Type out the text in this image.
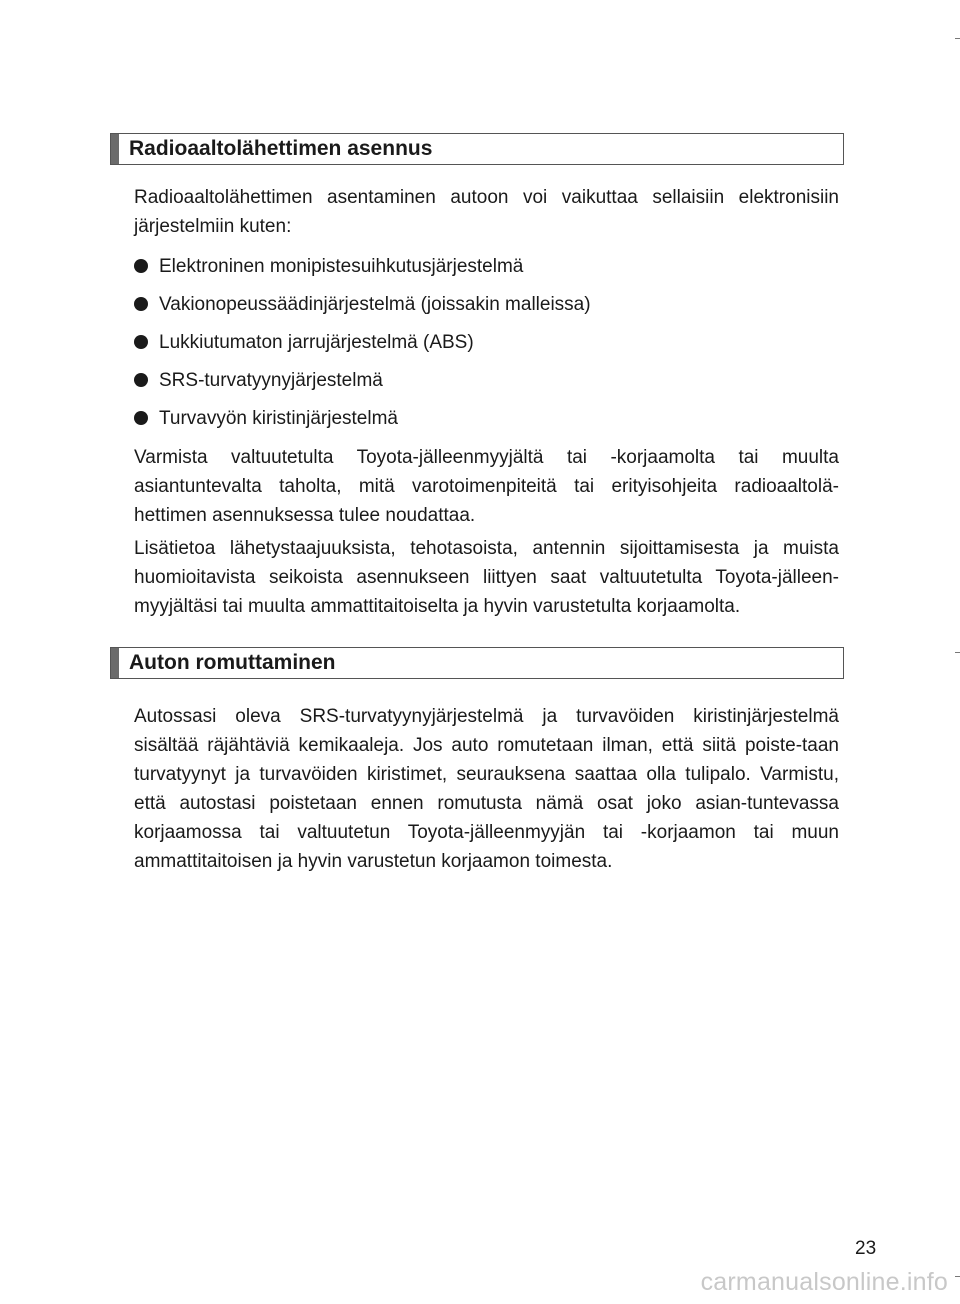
Radioaaltolähettimen asennus

Radioaaltolähettimen asentaminen autoon voi vaikuttaa sellaisiin elektronisiin järjestelmiin kuten:

Elektroninen monipistesuihkutusjärjestelmä
Vakionopeussäädinjärjestelmä (joissakin malleissa)
Lukkiutumaton jarrujärjestelmä (ABS)
SRS-turvatyynyjärjestelmä
Turvavyön kiristinjärjestelmä

Varmista valtuutetulta Toyota-jälleenmyyjältä tai -korjaamolta tai muulta asiantuntevalta taholta, mitä varotoimenpiteitä tai erityisohjeita radioaaltolä-hettimen asennuksessa tulee noudattaa.

Lisätietoa lähetystaajuuksista, tehotasoista, antennin sijoittamisesta ja muista huomioitavista seikoista asennukseen liittyen saat valtuutetulta Toyota-jälleen-myyjältäsi tai muulta ammattitaitoiselta ja hyvin varustetulta korjaamolta.

Auton romuttaminen

Autossasi oleva SRS-turvatyynyjärjestelmä ja turvavöiden kiristinjärjestelmä sisältää räjähtäviä kemikaaleja. Jos auto romutetaan ilman, että siitä poiste-taan turvatyynyt ja turvavöiden kiristimet, seurauksena saattaa olla tulipalo. Varmistu, että autostasi poistetaan ennen romutusta nämä osat joko asian-tuntevassa korjaamossa tai valtuutetun Toyota-jälleenmyyjän tai -korjaamon tai muun ammattitaitoisen ja hyvin varustetun korjaamon toimesta.

23
carmanualsonline.info
